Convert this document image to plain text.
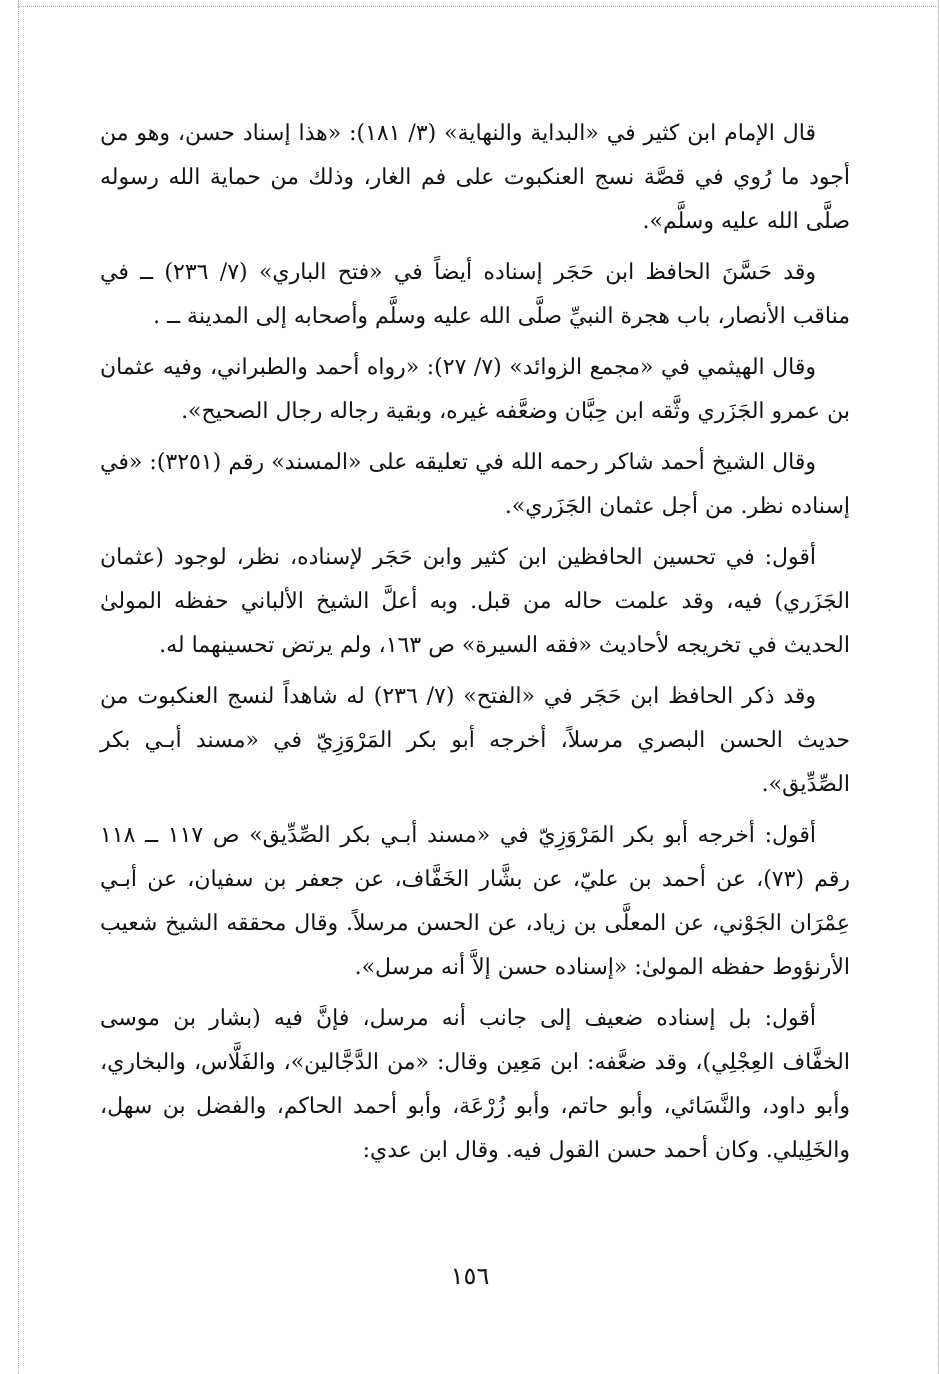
قال الإمام ابن كثير في «البداية والنهاية» (٣/ ١٨١): «هذا إسناد حسن، وهو من أجود ما رُوي في قصَّة نسج العنكبوت على فم الغار، وذلك من حماية الله رسوله صلَّى الله عليه وسلَّم».

وقد حَسَّنَ الحافظ ابن حَجَر إسناده أيضاً في «فتح الباري» (٧/ ٢٣٦) ــ في مناقب الأنصار، باب هجرة النبيِّ صلَّى الله عليه وسلَّم وأصحابه إلى المدينة ــ .

وقال الهيثمي في «مجمع الزوائد» (٧/ ٢٧): «رواه أحمد والطبراني، وفيه عثمان بن عمرو الجَزَري وثَّقه ابن حِبَّان وضعَّفه غيره، وبقية رجاله رجال الصحيح».

وقال الشيخ أحمد شاكر رحمه الله في تعليقه على «المسند» رقم (٣٢٥١): «في إسناده نظر. من أجل عثمان الجَزَري».

أقول: في تحسين الحافظين ابن كثير وابن حَجَر لإسناده، نظر، لوجود (عثمان الجَزَري) فيه، وقد علمت حاله من قبل. وبه أعلَّ الشيخ الألباني حفظه المولىٰ الحديث في تخريجه لأحاديث «فقه السيرة» ص ١٦٣، ولم يرتض تحسينهما له.

وقد ذكر الحافظ ابن حَجَر في «الفتح» (٧/ ٢٣٦) له شاهداً لنسج العنكبوت من حديث الحسن البصري مرسلاً، أخرجه أبو بكر المَرْوَزِيّ في «مسند أبـي بكر الصِّدِّيق».

أقول: أخرجه أبو بكر المَرْوَزِيّ في «مسند أبـي بكر الصِّدِّيق» ص ١١٧ ــ ١١٨ رقم (٧٣)، عن أحمد بن عليّ، عن بشَّار الخَفَّاف، عن جعفر بن سفيان، عن أبـي عِمْرَان الجَوْني، عن المعلَّى بن زياد، عن الحسن مرسلاً. وقال محققه الشيخ شعيب الأرنؤوط حفظه المولىٰ: «إسناده حسن إلاَّ أنه مرسل».

أقول: بل إسناده ضعيف إلى جانب أنه مرسل، فإنَّ فيه (بشار بن موسى الخفَّاف العِجْلِي)، وقد ضعَّفه: ابن مَعِين وقال: «من الدَّجَّالين»، والفَلَّاس، والبخاري، وأبو داود، والنَّسَائي، وأبو حاتم، وأبو زُرْعَة، وأبو أحمد الحاكم، والفضل بن سهل، والخَلِيلي. وكان أحمد حسن القول فيه. وقال ابن عدي:

١٥٦
